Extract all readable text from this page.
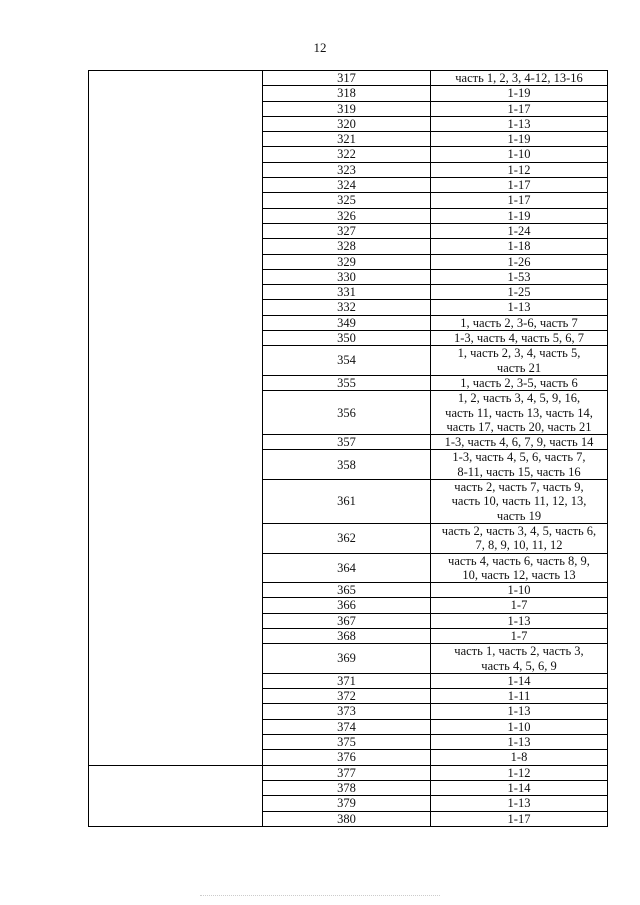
12
	317	часть 1, 2, 3, 4-12, 13-16
	318	1-19
	319	1-17
	320	1-13
	321	1-19
	322	1-10
	323	1-12
	324	1-17
	325	1-17
	326	1-19
	327	1-24
	328	1-18
	329	1-26
	330	1-53
	331	1-25
	332	1-13
	349	1, часть 2, 3-6, часть 7
	350	1-3, часть 4, часть 5, 6, 7
	354	1, часть 2, 3, 4, часть 5,
часть 21
	355	1, часть 2, 3-5, часть 6
	356	1, 2, часть 3, 4, 5, 9, 16,
часть 11, часть 13, часть 14,
часть 17, часть 20, часть 21
	357	1-3, часть 4, 6, 7, 9, часть 14
	358	1-3, часть 4, 5, 6, часть 7,
8-11, часть 15, часть 16
	361	часть 2, часть 7, часть 9,
часть 10, часть 11, 12, 13,
часть 19
	362	часть 2, часть 3, 4, 5, часть 6,
7, 8, 9, 10, 11, 12
	364	часть 4, часть 6, часть 8, 9,
10, часть 12, часть 13
	365	1-10
	366	1-7
	367	1-13
	368	1-7
	369	часть 1, часть 2, часть 3,
часть 4, 5, 6, 9
	371	1-14
	372	1-11
	373	1-13
	374	1-10
	375	1-13
	376	1-8
	377	1-12
	378	1-14
	379	1-13
	380	1-17
